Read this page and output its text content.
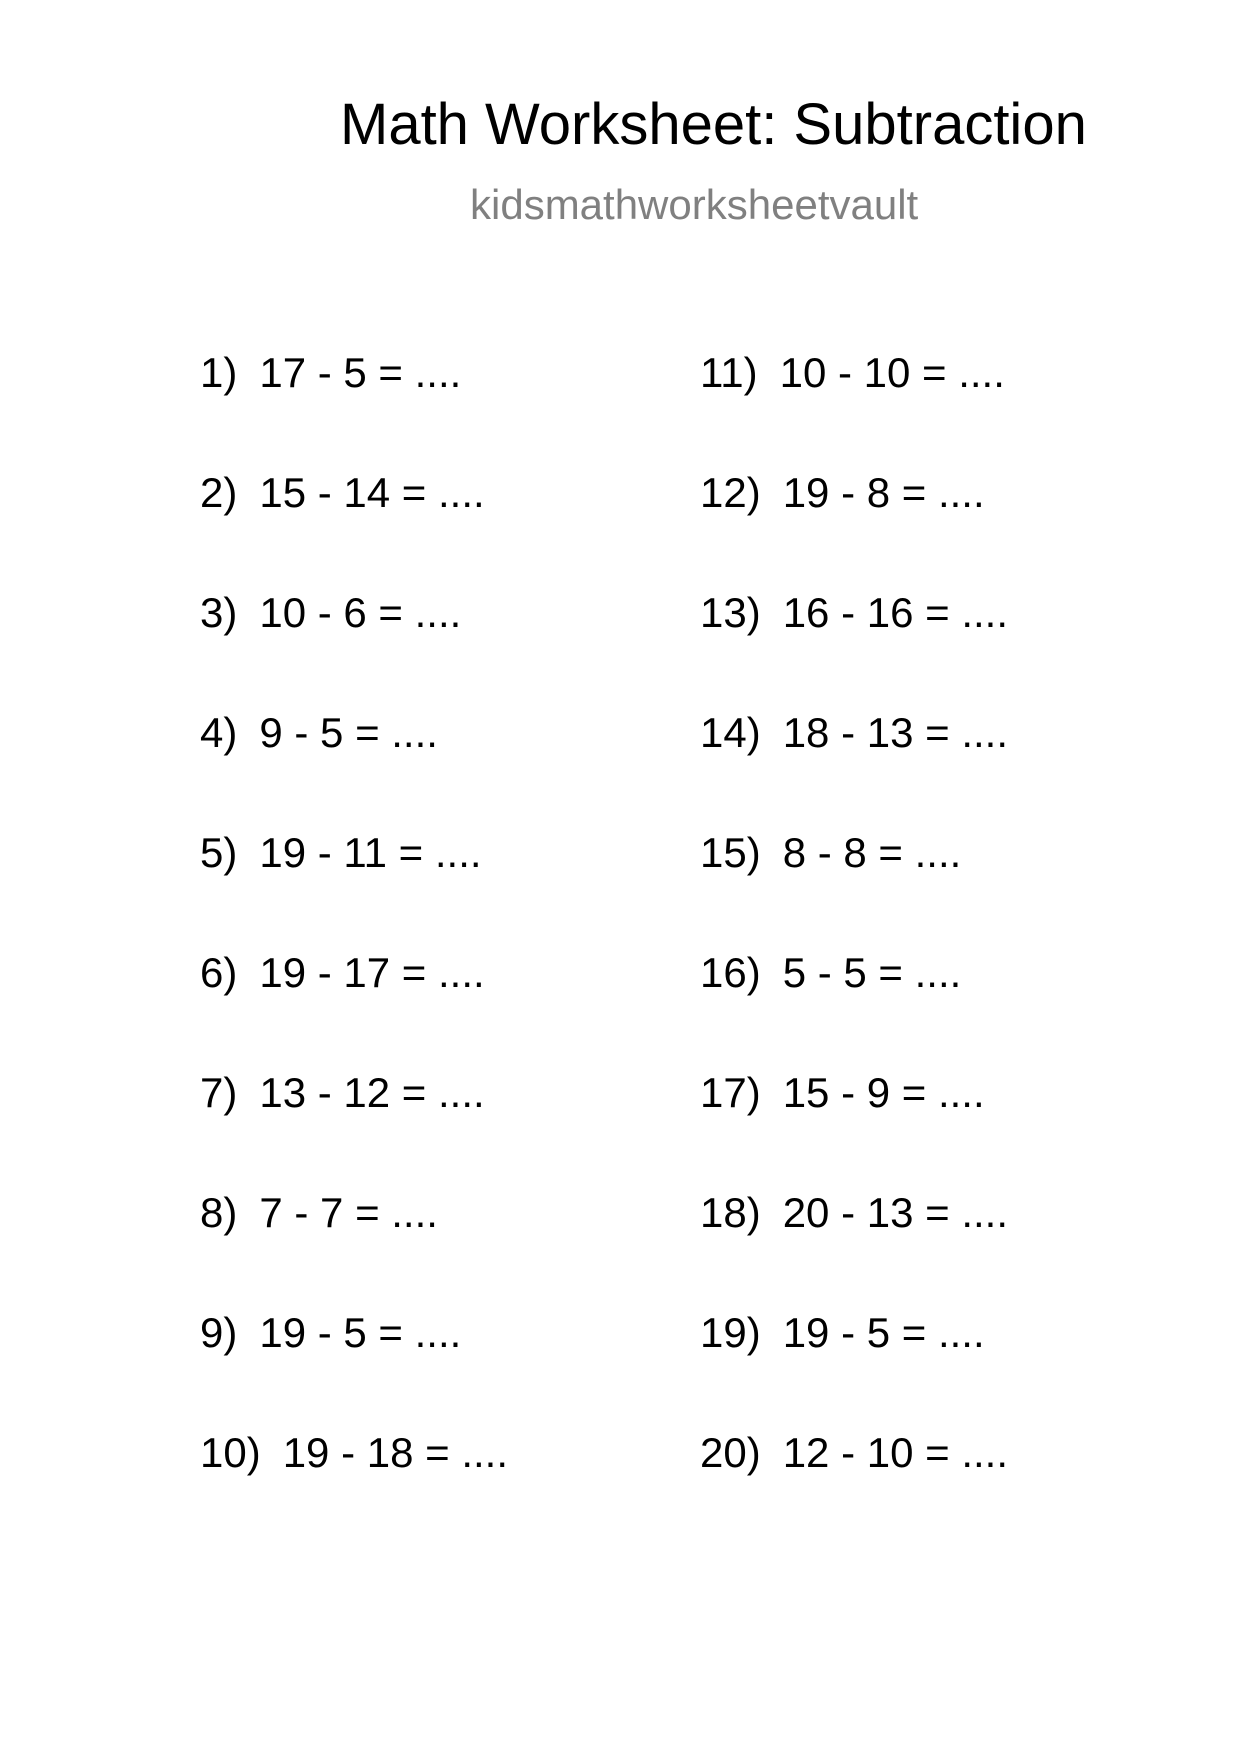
Math Worksheet: Subtraction
kidsmathworksheetvault
1) 17 - 5 = ....
2) 15 - 14 = ....
3) 10 - 6 = ....
4) 9 - 5 = ....
5) 19 - 11 = ....
6) 19 - 17 = ....
7) 13 - 12 = ....
8) 7 - 7 = ....
9) 19 - 5 = ....
10) 19 - 18 = ....
11) 10 - 10 = ....
12) 19 - 8 = ....
13) 16 - 16 = ....
14) 18 - 13 = ....
15) 8 - 8 = ....
16) 5 - 5 = ....
17) 15 - 9 = ....
18) 20 - 13 = ....
19) 19 - 5 = ....
20) 12 - 10 = ....
